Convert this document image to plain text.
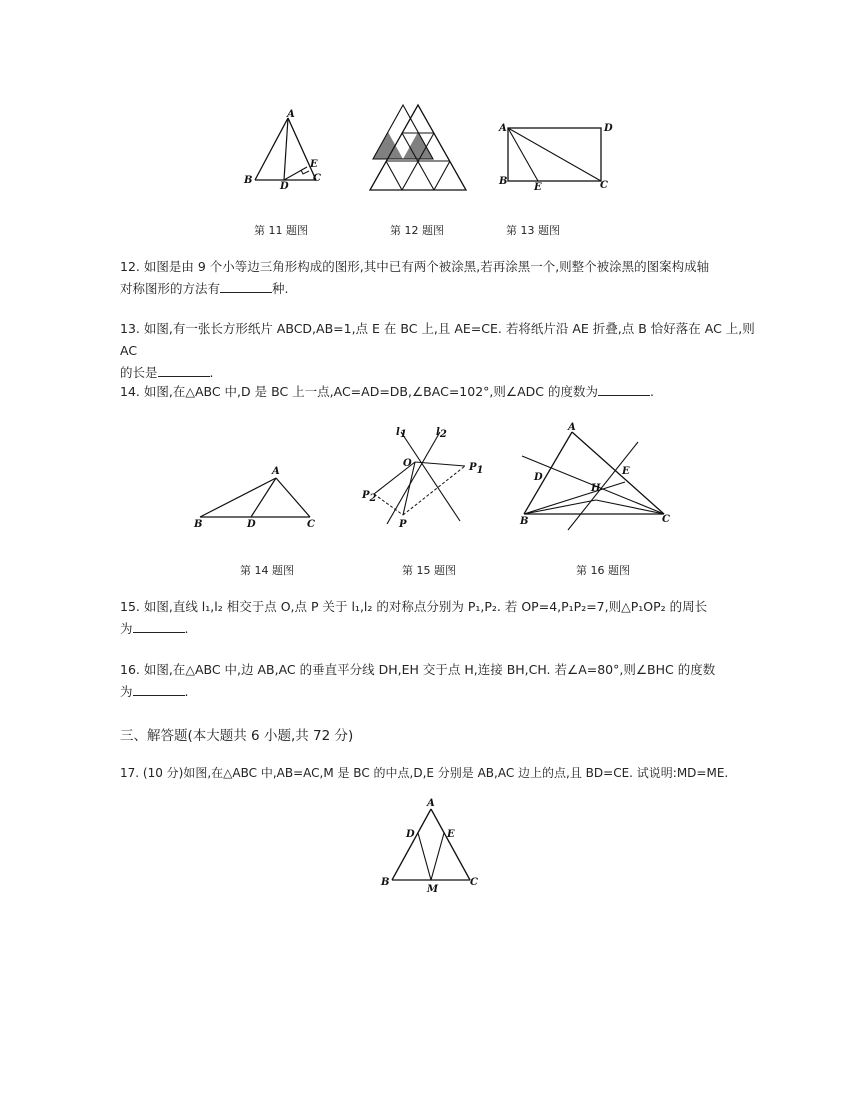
A
B
D
E
C
第 11 题图	第 12 题图
A	D
B
E	C
第 13 题图
12. 如图是由 9 个小等边三角形构成的图形,其中已有两个被涂黑,若再涂黑一个,则整个被涂黑的图案构成轴
对称图形的方法有	种.
13. 如图,有一张长方形纸片 ABCD,AB=1,点 E 在 BC 上,且 AE=CE. 若将纸片沿 AE 折叠,点 B 恰好落在 AC 上,则 AC
的长是	.
14. 如图,在△ABC 中,D 是 BC 上一点,AC=AD=DB,∠BAC=102°,则∠ADC 的度数为	.
A
B	D	C
第 14 题图
l1	l2
O	P1
P2
P
第 15 题图
A
D
E
H
B	C
第 16 题图
15. 如图,直线 l₁,l₂ 相交于点 O,点 P 关于 l₁,l₂ 的对称点分别为 P₁,P₂. 若 OP=4,P₁P₂=7,则△P₁OP₂ 的周长
为	.
16. 如图,在△ABC 中,边 AB,AC 的垂直平分线 DH,EH 交于点 H,连接 BH,CH. 若∠A=80°,则∠BHC 的度数
为	.
三、解答题(本大题共 6 小题,共 72 分)
17. (10 分)如图,在△ABC 中,AB=AC,M 是 BC 的中点,D,E 分别是 AB,AC 边上的点,且 BD=CE. 试说明:MD=ME.
A
D	E
B
M
C
